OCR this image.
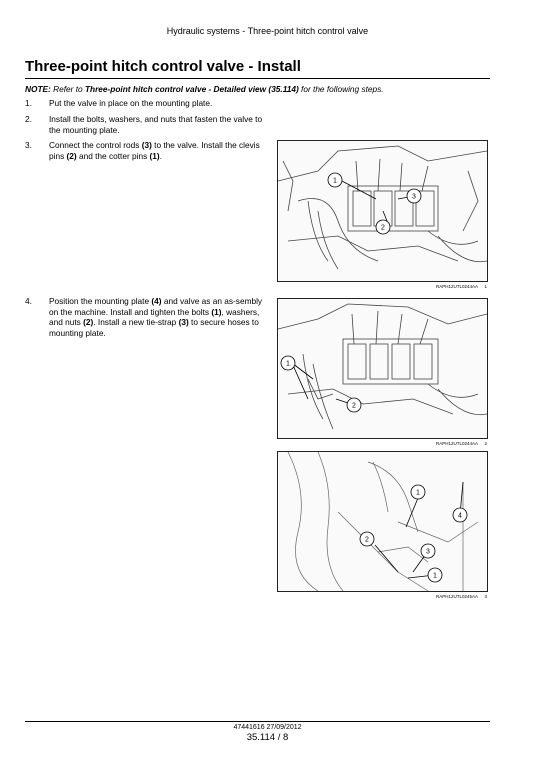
Hydraulic systems - Three-point hitch control valve
Three-point hitch control valve - Install
NOTE: Refer to Three-point hitch control valve - Detailed view (35.114) for the following steps.
1. Put the valve in place on the mounting plate.
2. Install the bolts, washers, and nuts that fasten the valve to the mounting plate.
3. Connect the control rods (3) to the valve. Install the clevis pins (2) and the cotter pins (1).
4. Position the mounting plate (4) and valve as an as-sembly on the machine. Install and tighten the bolts (1), washers, and nuts (2). Install a new tie-strap (3) to secure hoses to mounting plate.
1
2
3
RAPH12UTL0244AA 1
1
2
RAPH12UTL0244AA 2
1
2
3
1
4
RAPH12UTL0245AA 3
47441616 27/09/2012
35.114 / 8
